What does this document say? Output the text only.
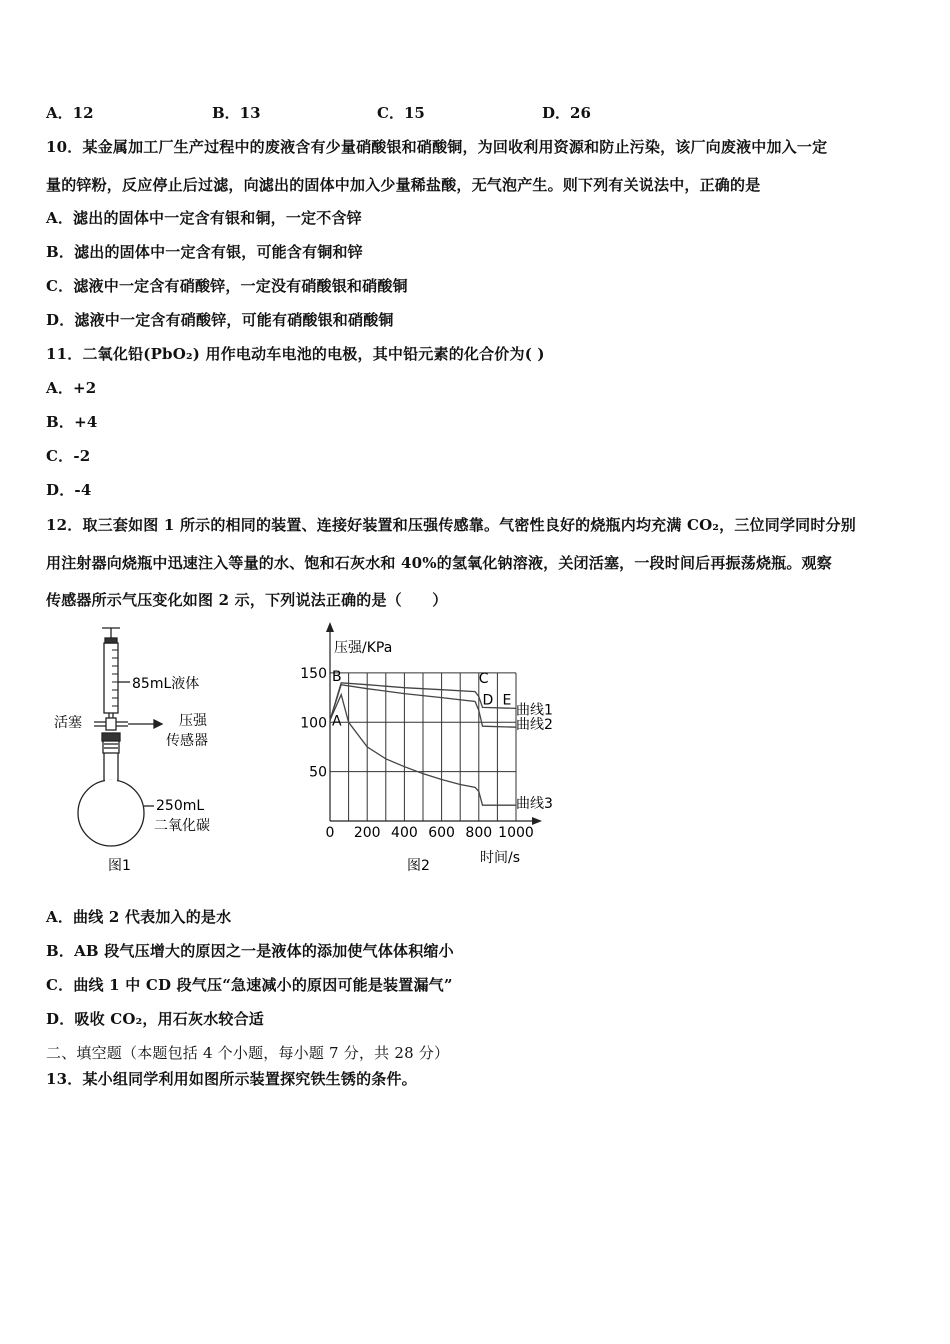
A．12	B．13	C．15	D．26
10．某金属加工厂生产过程中的废液含有少量硝酸银和硝酸铜，为回收利用资源和防止污染，该厂向废液中加入一定
量的锌粉，反应停止后过滤，向滤出的固体中加入少量稀盐酸，无气泡产生。则下列有关说法中，正确的是
A．滤出的固体中一定含有银和铜，一定不含锌
B．滤出的固体中一定含有银，可能含有铜和锌
C．滤液中一定含有硝酸锌，一定没有硝酸银和硝酸铜
D．滤液中一定含有硝酸锌，可能有硝酸银和硝酸铜
11．二氧化铅(PbO₂) 用作电动车电池的电极，其中铅元素的化合价为( )
A．+2
B．+4
C．-2
D．-4
12．取三套如图 1 所示的相同的装置、连接好装置和压强传感靠。气密性良好的烧瓶内均充满 CO₂，三位同学同时分别
用注射器向烧瓶中迅速注入等量的水、饱和石灰水和 40%的氢氧化钠溶液，关闭活塞，一段时间后再振荡烧瓶。观察
传感器所示气压变化如图 2 示，下列说法正确的是（　　）
85mL液体
活塞	压强
传感器
250mL
二氧化碳
图1
压强/KPa
时间/s
图2
0 200 400 600 800 1000
50
100
150
A
B	C
D E
曲线1
曲线2
曲线3
A．曲线 2 代表加入的是水
B．AB 段气压增大的原因之一是液体的添加使气体体积缩小
C．曲线 1 中 CD 段气压“急速减小的原因可能是装置漏气”
D．吸收 CO₂，用石灰水较合适
二、填空题（本题包括 4 个小题，每小题 7 分，共 28 分）
13．某小组同学利用如图所示装置探究铁生锈的条件。
